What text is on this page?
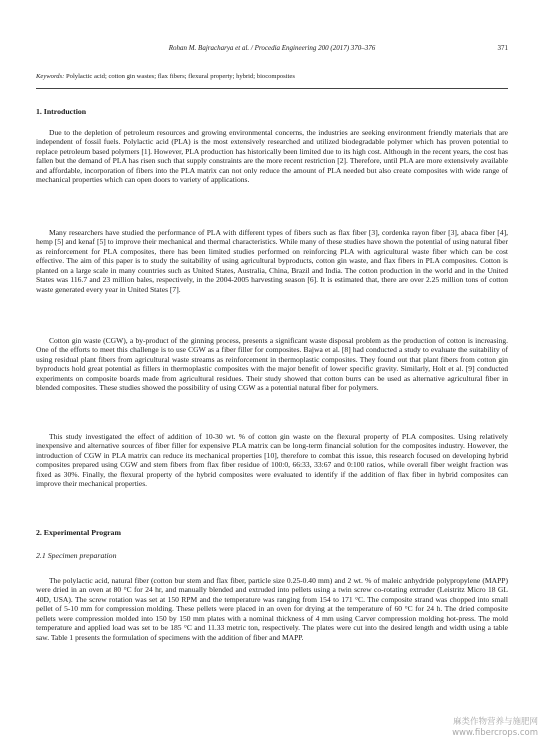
Rohan M. Bajracharya et al. / Procedia Engineering 200 (2017) 370–376	371
Keywords: Polylactic acid; cotton gin wastes; flax fibers; flexural property; hybrid; biocomposites
1. Introduction

Due to the depletion of petroleum resources and growing environmental concerns, the industries are seeking environment friendly materials that are independent of fossil fuels. Polylactic acid (PLA) is the most extensively researched and utilized biodegradable polymer which has proven potential to replace petroleum based polymers [1]. However, PLA production has historically been limited due to its high cost. Although in the recent years, the cost has fallen but the demand of PLA has risen such that supply constraints are the more recent restriction [2]. Therefore, until PLA are more extensively available and affordable, incorporation of fibers into the PLA matrix can not only reduce the amount of PLA needed but also create composites with wide range of mechanical properties which can open doors to variety of applications.

Many researchers have studied the performance of PLA with different types of fibers such as flax fiber [3], cordenka rayon fiber [3], abaca fiber [4], hemp [5] and kenaf [5] to improve their mechanical and thermal characteristics. While many of these studies have shown the potential of using natural fiber as reinforcement for PLA composites, there has been limited studies performed on reinforcing PLA with agricultural waste fiber which can be cost effective. The aim of this paper is to study the suitability of using agricultural byproducts, cotton gin waste, and flax fibers in PLA composites. Cotton is planted on a large scale in many countries such as United States, Australia, China, Brazil and India. The cotton production in the world and in the United States was 116.7 and 23 million bales, respectively, in the 2004-2005 harvesting season [6]. It is estimated that, there are over 2.25 million tons of cotton waste generated every year in United States [7].

Cotton gin waste (CGW), a by-product of the ginning process, presents a significant waste disposal problem as the production of cotton is increasing. One of the efforts to meet this challenge is to use CGW as a fiber filler for composites. Bajwa et al. [8] had conducted a study to evaluate the suitability of using residual plant fibers from agricultural waste streams as reinforcement in thermoplastic composites. They found out that plant fibers from cotton gin byproducts hold great potential as fillers in thermoplastic composites with the major benefit of lower specific gravity. Similarly, Holt et al. [9] conducted experiments on composite boards made from agricultural residues. Their study showed that cotton burrs can be used as alternative agricultural fiber in blended composites. These studies showed the possibility of using CGW as a potential natural fiber for polymers.

This study investigated the effect of addition of 10-30 wt. % of cotton gin waste on the flexural property of PLA composites. Using relatively inexpensive and alternative sources of fiber filler for expensive PLA matrix can be long-term financial solution for the composites industry. However, the introduction of CGW in PLA matrix can reduce its mechanical properties [10], therefore to combat this issue, this research focused on developing hybrid composites prepared using CGW and stem fibers from flax fiber residue of 100:0, 66:33, 33:67 and 0:100 ratios, while overall fiber weight fraction was fixed as 30%. Finally, the flexural property of the hybrid composites were evaluated to identify if the addition of flax fiber in hybrid composites can improve their mechanical properties.

2. Experimental Program
2.1 Specimen preparation

The polylactic acid, natural fiber (cotton bur stem and flax fiber, particle size 0.25-0.40 mm) and 2 wt. % of maleic anhydride polypropylene (MAPP) were dried in an oven at 80 °C for 24 hr, and manually blended and extruded into pellets using a twin screw co-rotating extruder (Leistritz Micro 18 GL 40D, USA). The screw rotation was set at 150 RPM and the temperature was ranging from 154 to 171 °C. The composite strand was chopped into small pellet of 5-10 mm for compression molding. These pellets were placed in an oven for drying at the temperature of 60 °C for 24 h. The dried composite pellets were compression molded into 150 by 150 mm plates with a nominal thickness of 4 mm using Carver compression molding hot-press. The mold temperature and applied load was set to be 185 °C and 11.33 metric ton, respectively. The plates were cut into the desired length and width using a table saw. Table 1 presents the formulation of specimens with the addition of fiber and MAPP.

麻类作物营养与施肥网
www.fibercrops.com
